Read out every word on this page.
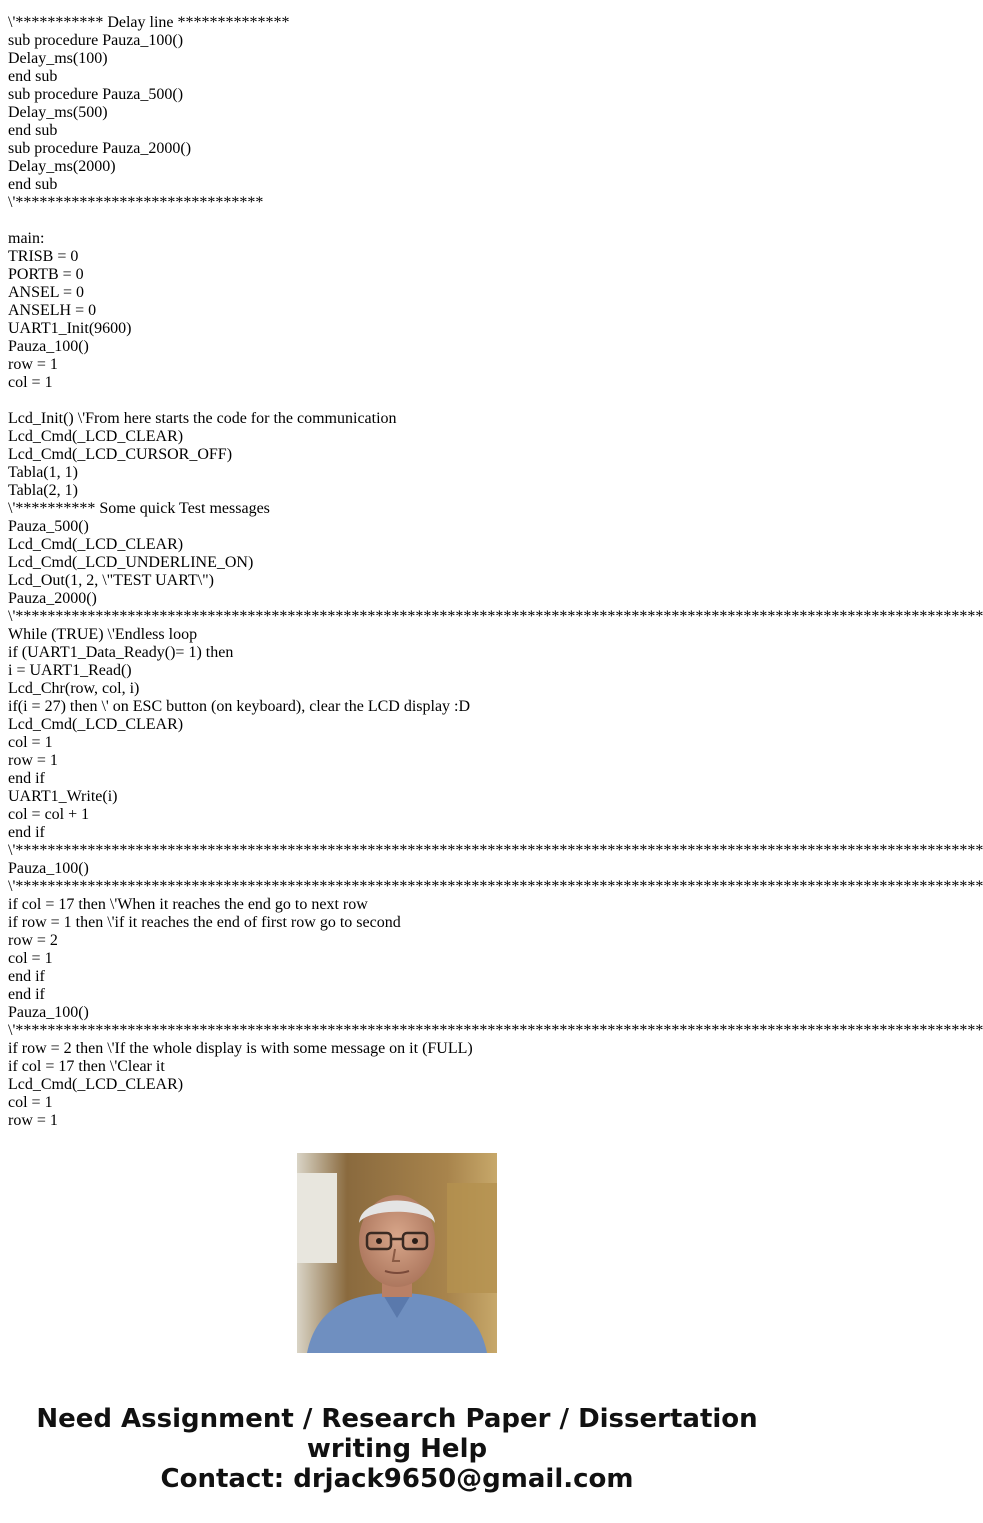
\'*********** Delay line **************
sub procedure Pauza_100()
Delay_ms(100)
end sub
sub procedure Pauza_500()
Delay_ms(500)
end sub
sub procedure Pauza_2000()
Delay_ms(2000)
end sub
\'*******************************
main:
TRISB = 0
PORTB = 0
ANSEL = 0
ANSELH = 0
UART1_Init(9600)
Pauza_100()
row = 1
col = 1
Lcd_Init() \'From here starts the code for the communication
Lcd_Cmd(_LCD_CLEAR)
Lcd_Cmd(_LCD_CURSOR_OFF)
Tabla(1, 1)
Tabla(2, 1)
\'********** Some quick Test messages
Pauza_500()
Lcd_Cmd(_LCD_CLEAR)
Lcd_Cmd(_LCD_UNDERLINE_ON)
Lcd_Out(1, 2, \"TEST UART\")
Pauza_2000()
\'*************************************************************************************************************************
While (TRUE) \'Endless loop
if (UART1_Data_Ready()= 1) then
i = UART1_Read()
Lcd_Chr(row, col, i)
if(i = 27) then \' on ESC button (on keyboard), clear the LCD display :D
Lcd_Cmd(_LCD_CLEAR)
col = 1
row = 1
end if
UART1_Write(i)
col = col + 1
end if
\'*************************************************************************************************************************
Pauza_100()
\'*************************************************************************************************************************
if col = 17 then \'When it reaches the end go to next row
if row = 1 then \'if it reaches the end of first row go to second
row = 2
col = 1
end if
end if
Pauza_100()
\'*************************************************************************************************************************
if row = 2 then \'If the whole display is with some message on it (FULL)
if col = 17 then \'Clear it
Lcd_Cmd(_LCD_CLEAR)
col = 1
row = 1
Need Assignment / Research Paper / Dissertation
writing Help
Contact: drjack9650@gmail.com
